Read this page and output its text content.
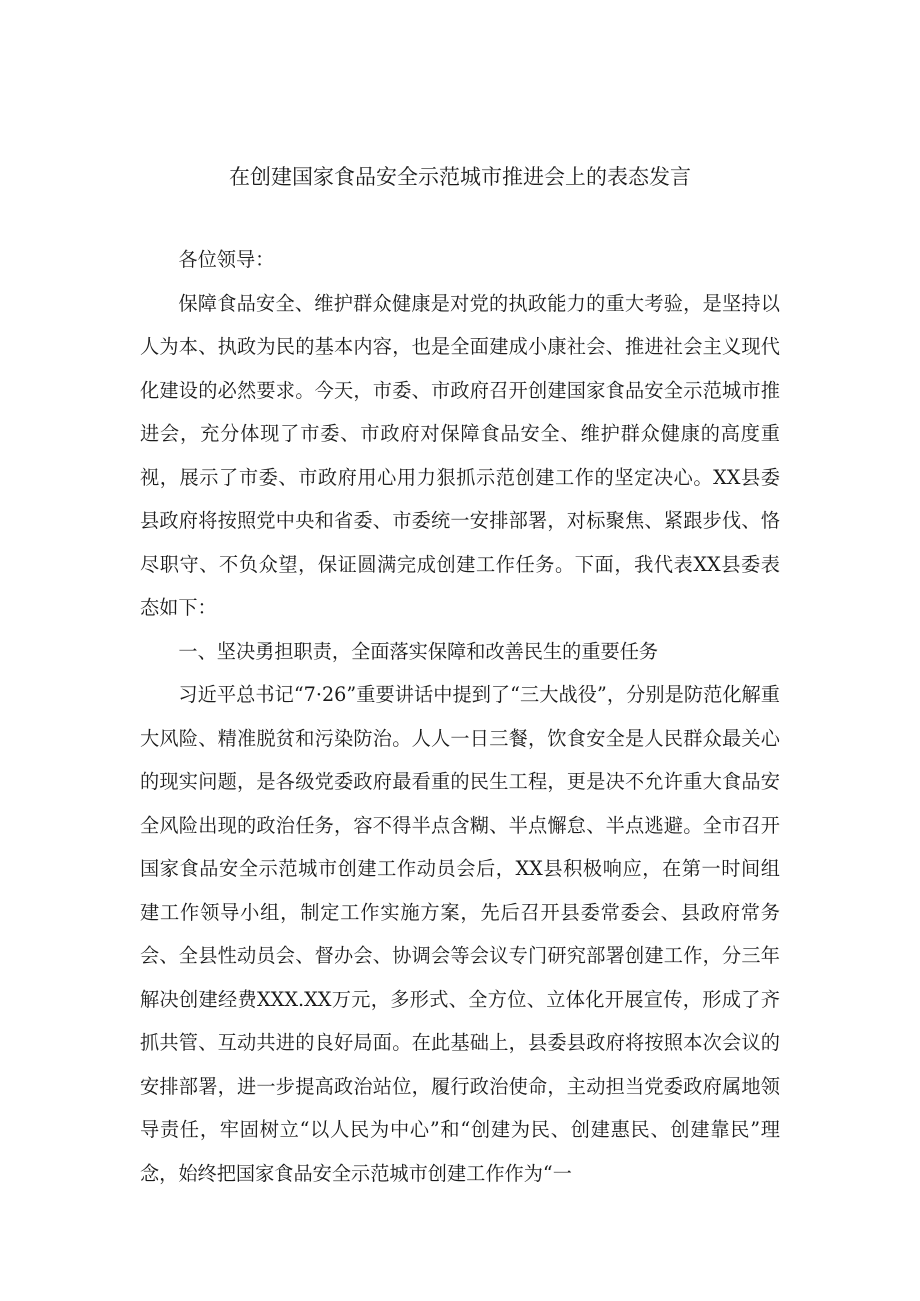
在创建国家食品安全示范城市推进会上的表态发言

各位领导：

保障食品安全、维护群众健康是对党的执政能力的重大考验，是坚持以人为本、执政为民的基本内容，也是全面建成小康社会、推进社会主义现代化建设的必然要求。今天，市委、市政府召开创建国家食品安全示范城市推进会，充分体现了市委、市政府对保障食品安全、维护群众健康的高度重视，展示了市委、市政府用心用力狠抓示范创建工作的坚定决心。XX县委县政府将按照党中央和省委、市委统一安排部署，对标聚焦、紧跟步伐、恪尽职守、不负众望，保证圆满完成创建工作任务。下面，我代表XX县委表态如下：

一、坚决勇担职责，全面落实保障和改善民生的重要任务

习近平总书记“7·26”重要讲话中提到了“三大战役”，分别是防范化解重大风险、精准脱贫和污染防治。人人一日三餐，饮食安全是人民群众最关心的现实问题，是各级党委政府最看重的民生工程，更是决不允许重大食品安全风险出现的政治任务，容不得半点含糊、半点懈怠、半点逃避。全市召开国家食品安全示范城市创建工作动员会后，XX县积极响应，在第一时间组建工作领导小组，制定工作实施方案，先后召开县委常委会、县政府常务会、全县性动员会、督办会、协调会等会议专门研究部署创建工作，分三年解决创建经费XXX.XX万元，多形式、全方位、立体化开展宣传，形成了齐抓共管、互动共进的良好局面。在此基础上，县委县政府将按照本次会议的安排部署，进一步提高政治站位，履行政治使命，主动担当党委政府属地领导责任，牢固树立“以人民为中心”和“创建为民、创建惠民、创建靠民”理念，始终把国家食品安全示范城市创建工作作为“一
